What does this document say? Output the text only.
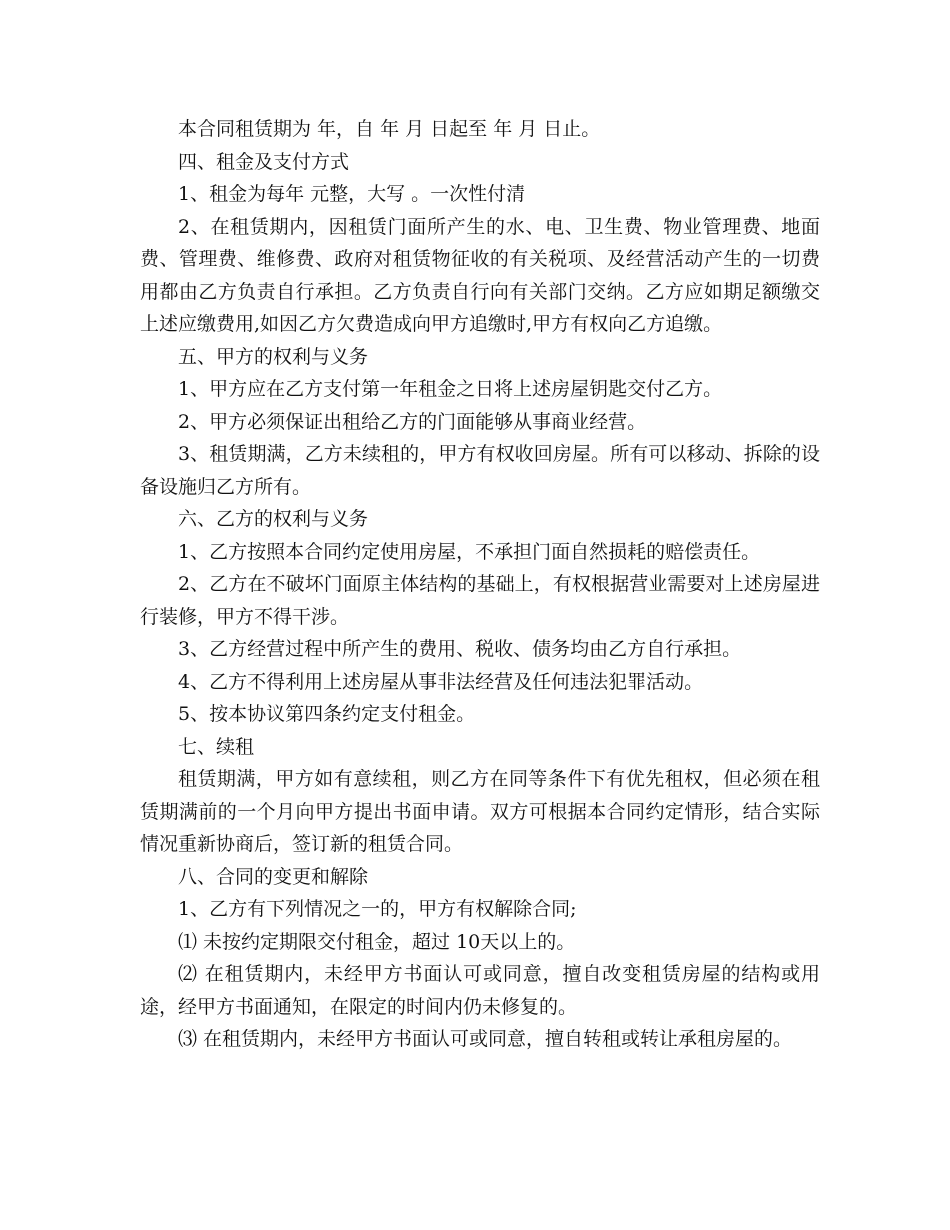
本合同租赁期为 年，自 年 月 日起至 年 月 日止。

四、租金及支付方式

1、租金为每年 元整，大写 。一次性付清

2、在租赁期内，因租赁门面所产生的水、电、卫生费、物业管理费、地面费、管理费、维修费、政府对租赁物征收的有关税项、及经营活动产生的一切费用都由乙方负责自行承担。乙方负责自行向有关部门交纳。乙方应如期足额缴交上述应缴费用,如因乙方欠费造成向甲方追缴时,甲方有权向乙方追缴。

五、甲方的权利与义务

1、甲方应在乙方支付第一年租金之日将上述房屋钥匙交付乙方。

2、甲方必须保证出租给乙方的门面能够从事商业经营。

3、租赁期满，乙方未续租的，甲方有权收回房屋。所有可以移动、拆除的设备设施归乙方所有。

六、乙方的权利与义务

1、乙方按照本合同约定使用房屋，不承担门面自然损耗的赔偿责任。

2、乙方在不破坏门面原主体结构的基础上，有权根据营业需要对上述房屋进行装修，甲方不得干涉。

3、乙方经营过程中所产生的费用、税收、债务均由乙方自行承担。

4、乙方不得利用上述房屋从事非法经营及任何违法犯罪活动。

5、按本协议第四条约定支付租金。

七、续租

租赁期满，甲方如有意续租，则乙方在同等条件下有优先租权，但必须在租赁期满前的一个月向甲方提出书面申请。双方可根据本合同约定情形，结合实际情况重新协商后，签订新的租赁合同。

八、合同的变更和解除

1、乙方有下列情况之一的，甲方有权解除合同;

⑴ 未按约定期限交付租金，超过 10天以上的。

⑵ 在租赁期内，未经甲方书面认可或同意，擅自改变租赁房屋的结构或用途，经甲方书面通知，在限定的时间内仍未修复的。

⑶ 在租赁期内，未经甲方书面认可或同意，擅自转租或转让承租房屋的。
